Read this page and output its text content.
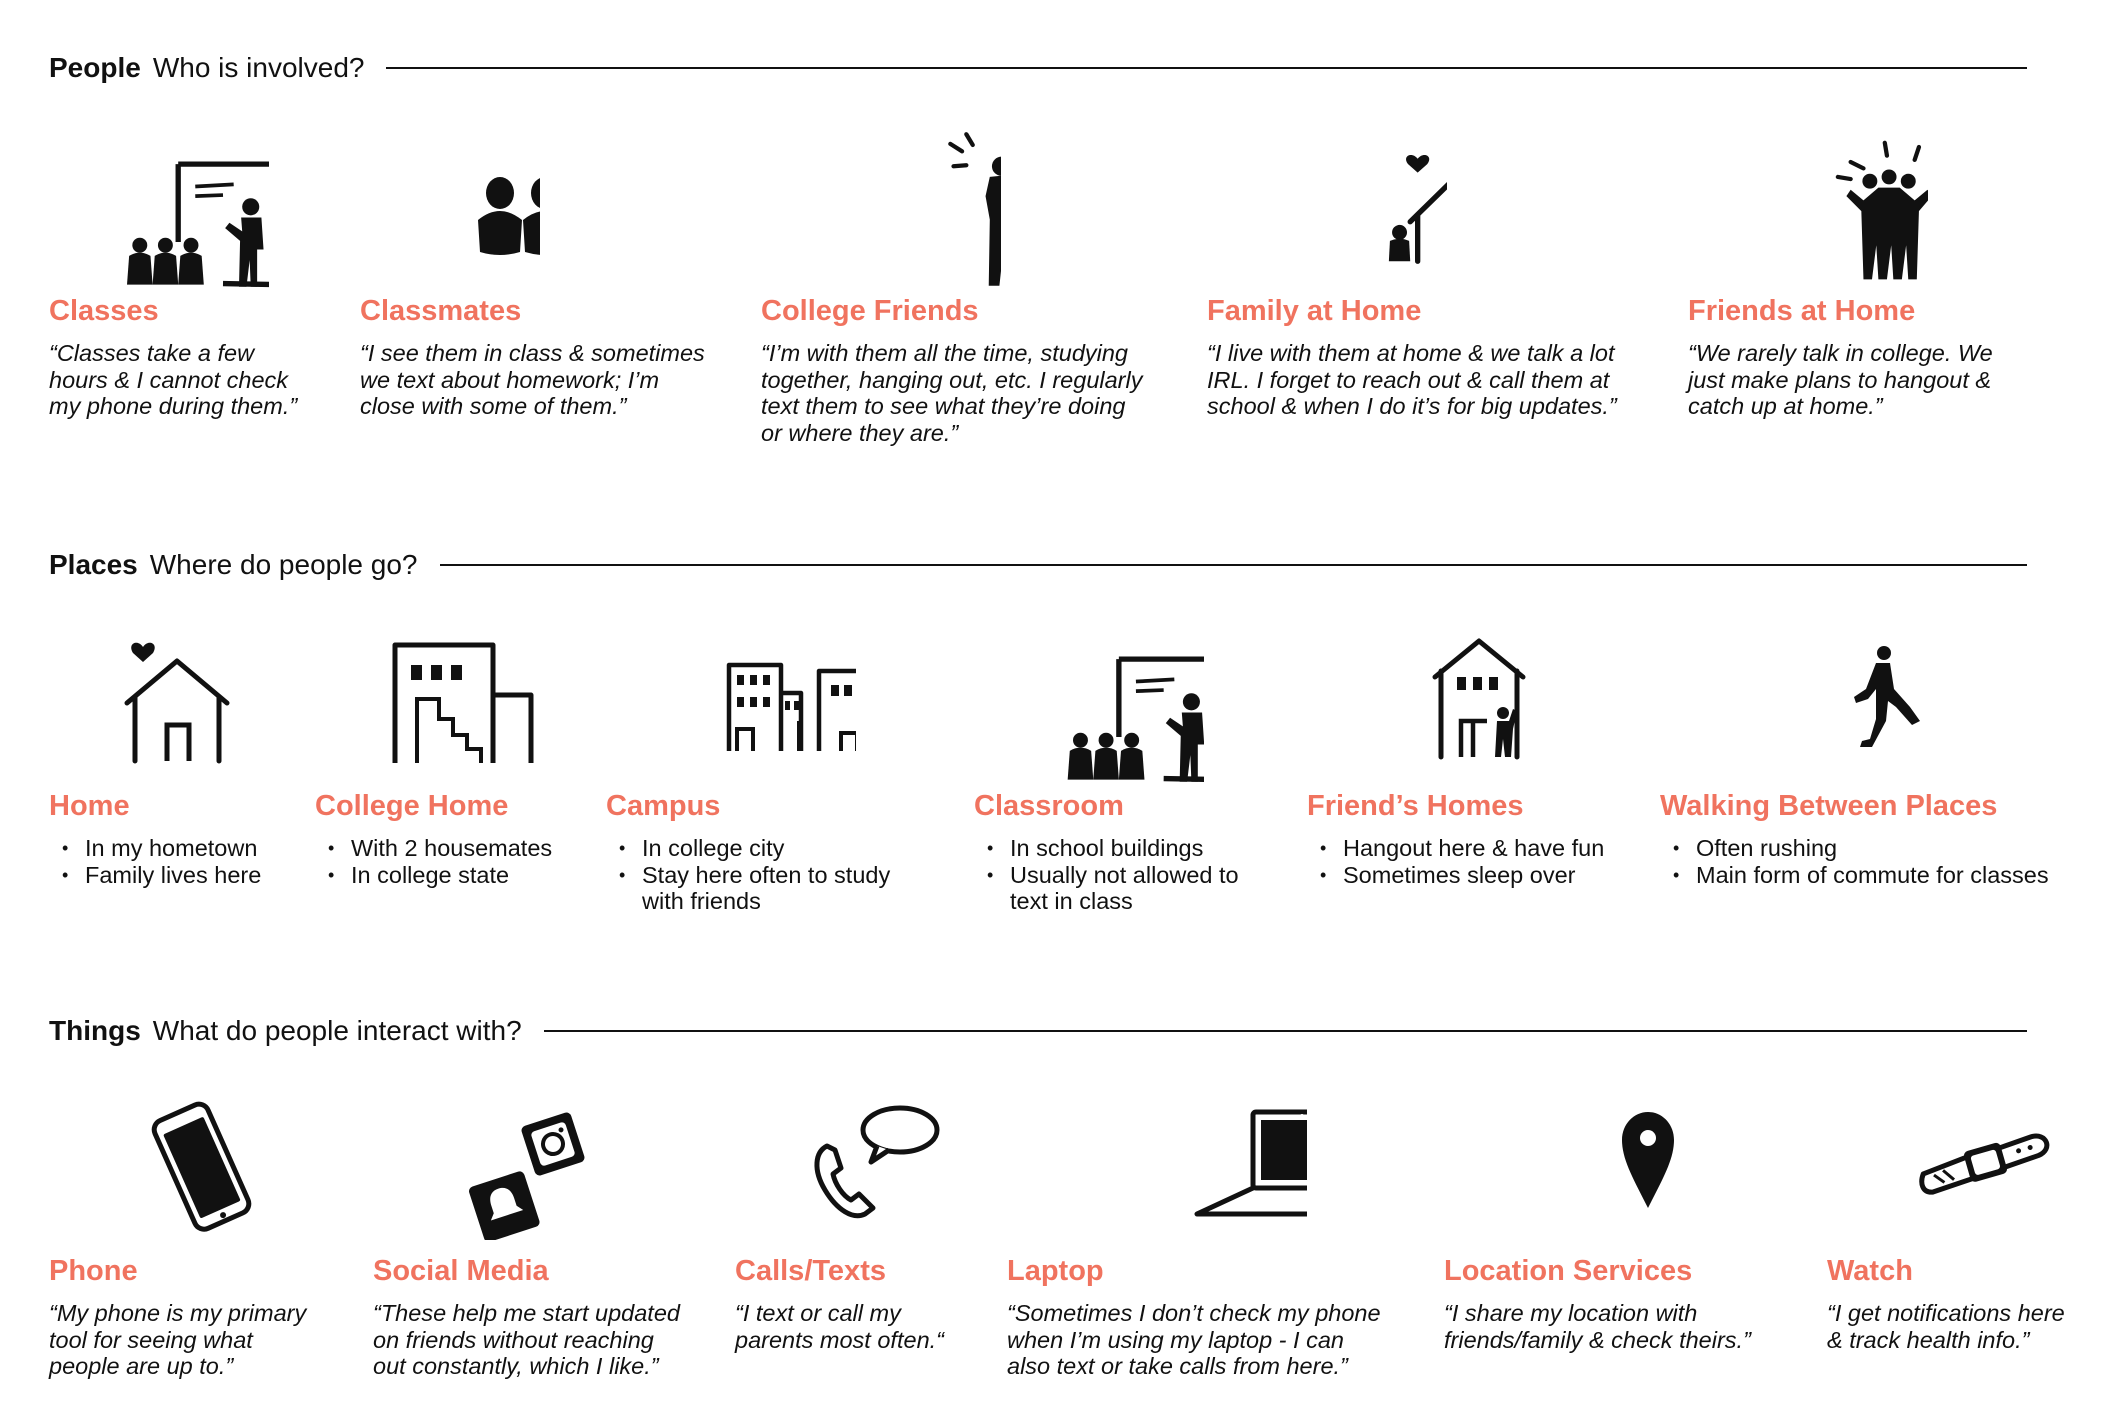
People Who is involved?
Classes
“Classes take a few
hours & I cannot check
my phone during them.”
Classmates
“I see them in class & sometimes
we text about homework; I’m
close with some of them.”
College Friends
“I’m with them all the time, studying
together, hanging out, etc. I regularly
text them to see what they’re doing
or where they are.”
Family at Home
“I live with them at home & we talk a lot
IRL. I forget to reach out & call them at
school & when I do it’s for big updates.”
Friends at Home
“We rarely talk in college. We
just make plans to hangout &
catch up at home.”
Places Where do people go?
Home
• In my hometown
• Family lives here
College Home
• With 2 housemates
• In college state
Campus
• In college city
• Stay here often to study
with friends
Classroom
• In school buildings
• Usually not allowed to
text in class
Friend’s Homes
• Hangout here & have fun
• Sometimes sleep over
Walking Between Places
• Often rushing
• Main form of commute for classes
Things What do people interact with?
Phone
“My phone is my primary
tool for seeing what
people are up to.”
Social Media
“These help me start updated
on friends without reaching
out constantly, which I like.”
Calls/Texts
“I text or call my
parents most often.“
Laptop
“Sometimes I don’t check my phone
when I’m using my laptop - I can
also text or take calls from here.”
Location Services
“I share my location with
friends/family & check theirs.”
Watch
“I get notifications here
& track health info.”
